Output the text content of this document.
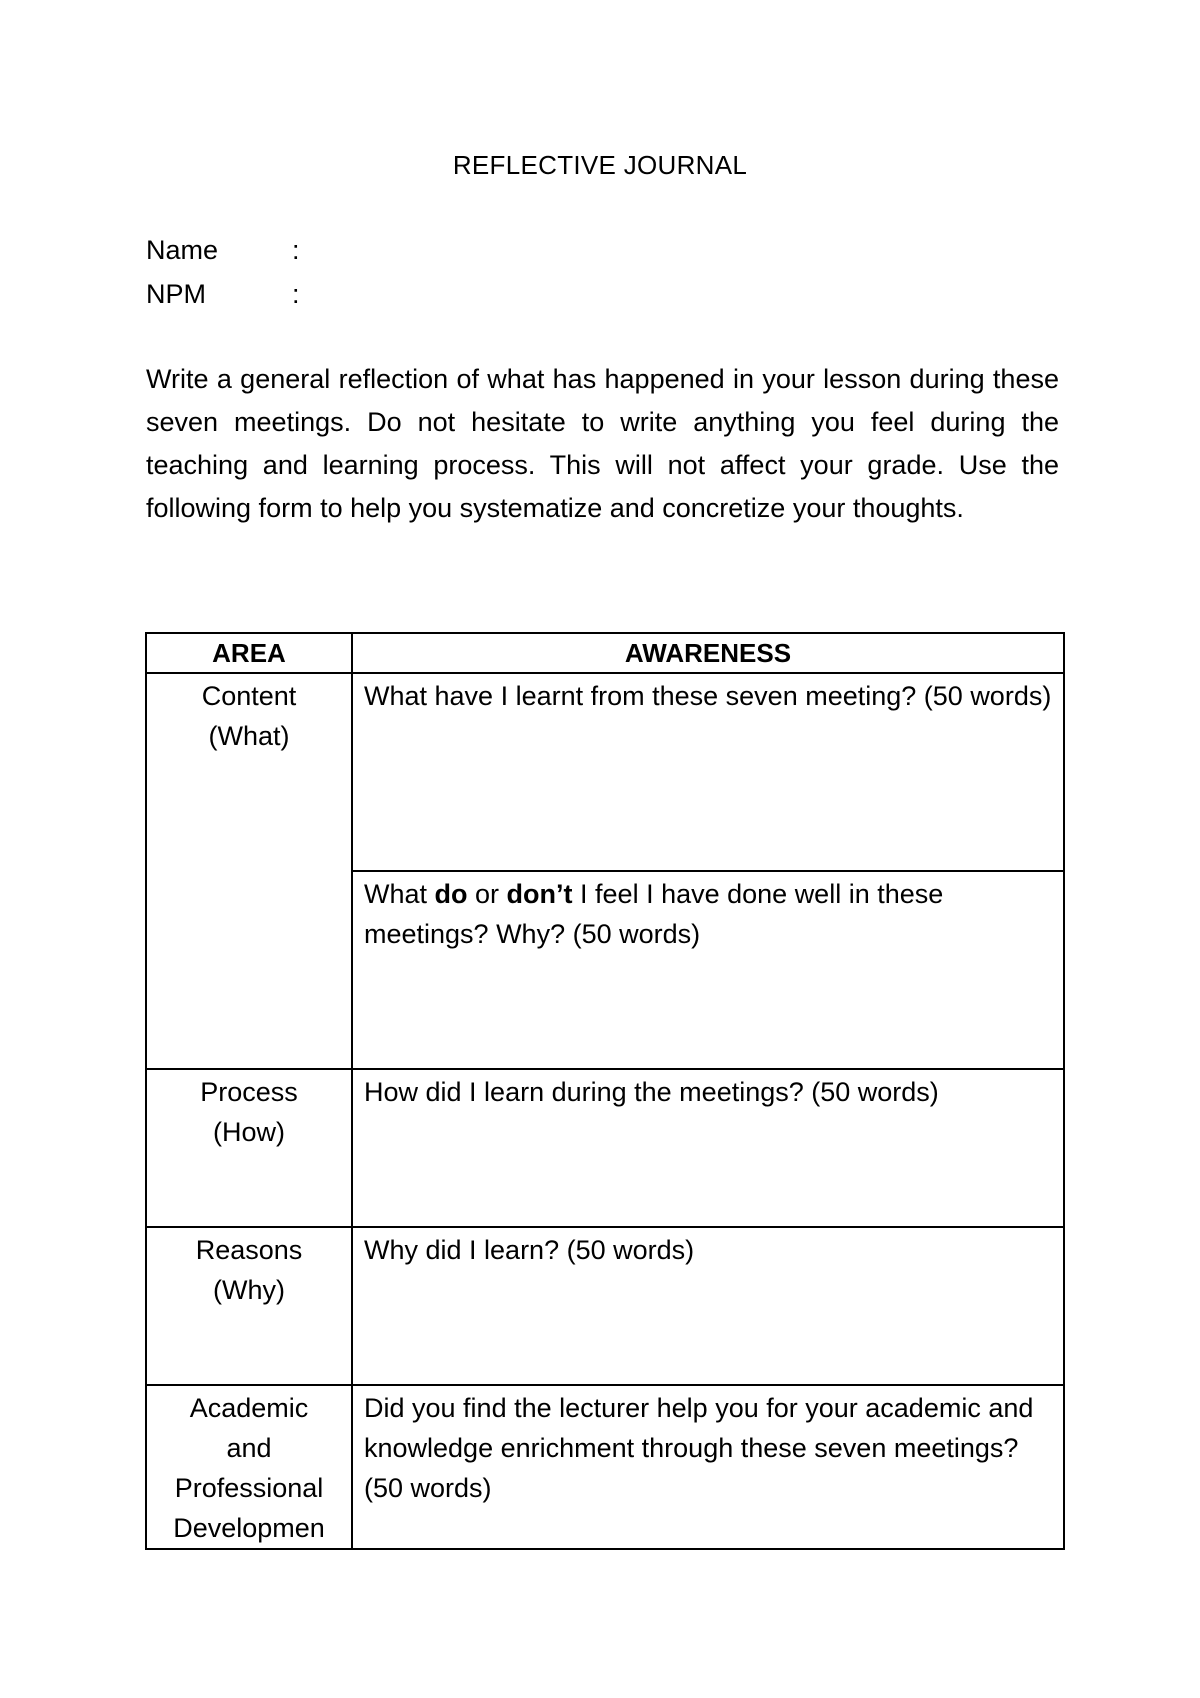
REFLECTIVE JOURNAL
Name	:
NPM	:

Write a general reflection of what has happened in your lesson during these seven meetings. Do not hesitate to write anything you feel during the teaching and learning process. This will not affect your grade. Use the following form to help you systematize and concretize your thoughts.

AREA	AWARENESS

Content
(What)	What have I learnt from these seven meeting? (50 words)
	What do or don’t I feel I have done well in these meetings? Why? (50 words)

Process
(How)	How did I learn during the meetings? (50 words)

Reasons
(Why)	Why did I learn? (50 words)

Academic
and
Professional
Developmen	Did you find the lecturer help you for your academic and knowledge enrichment through these seven meetings? (50 words)
